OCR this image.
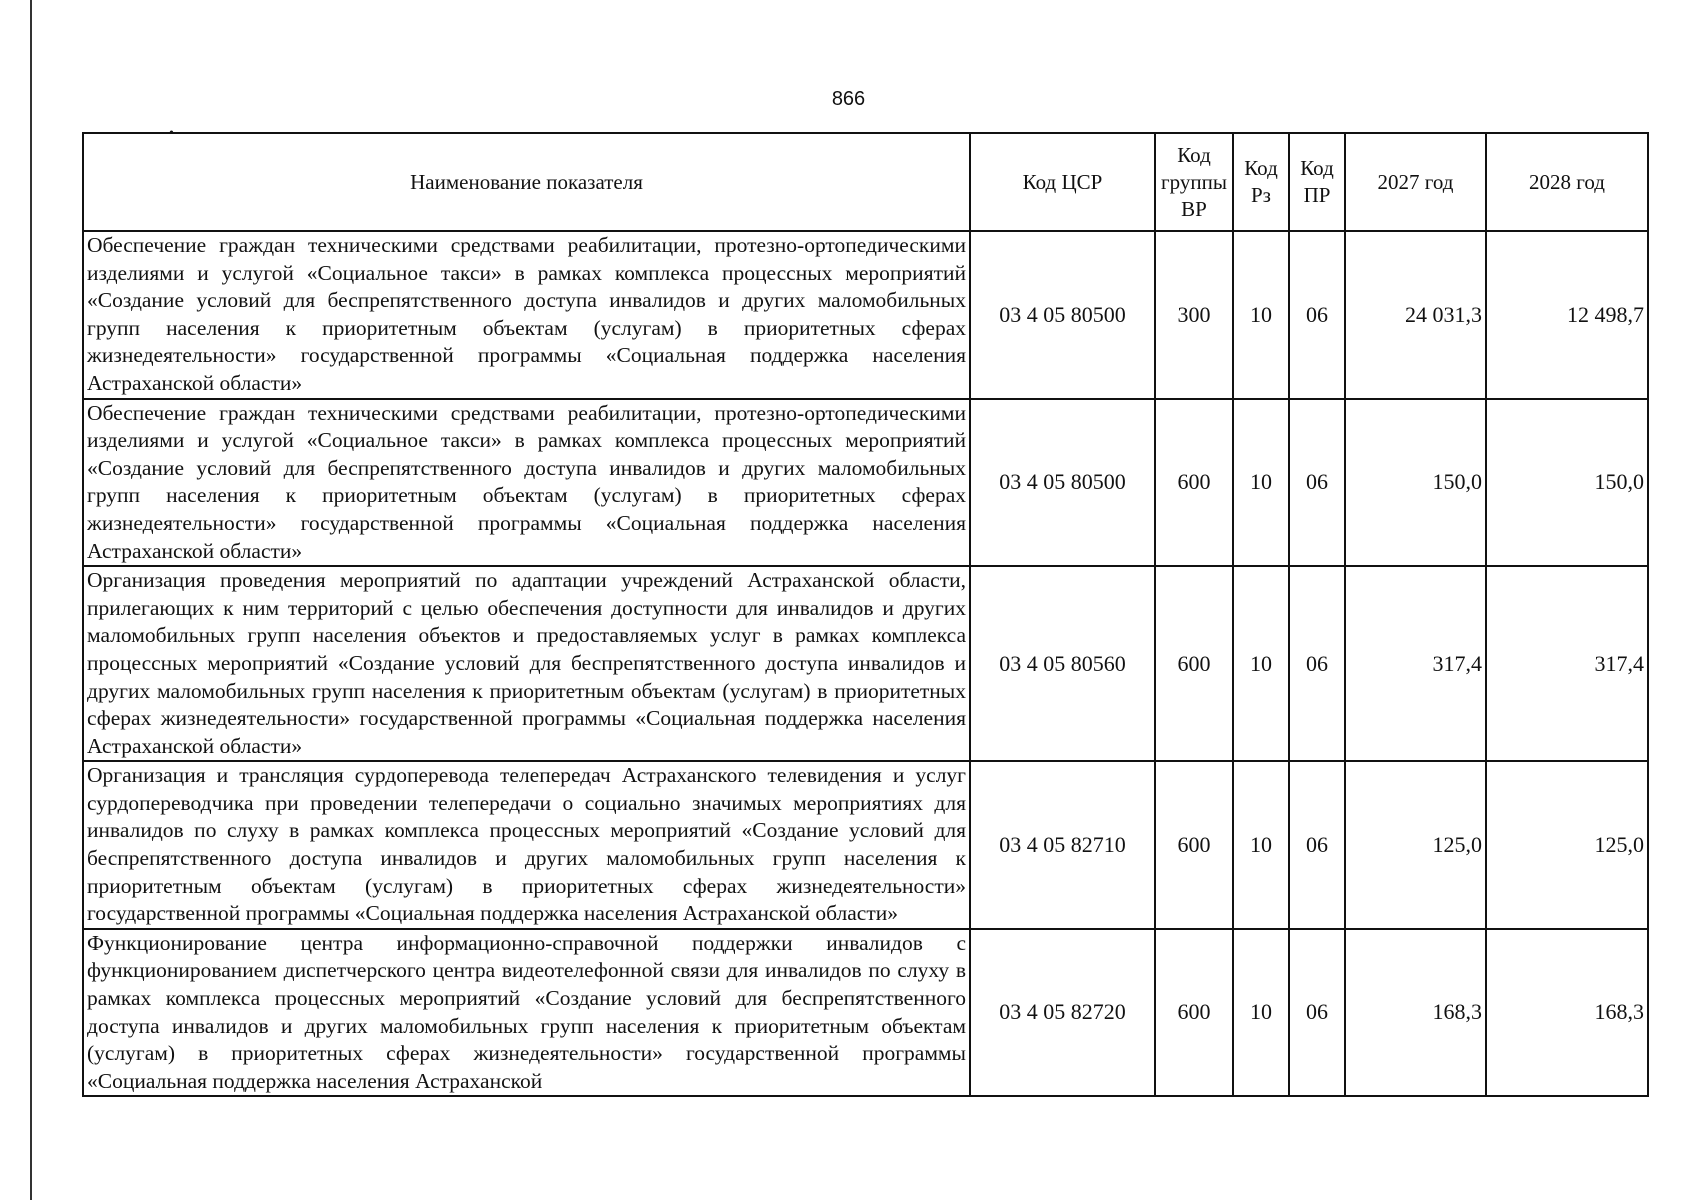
866
• Наименование показателя	Код ЦСР	Код группы ВР	Код Рз	Код ПР	2027 год	2028 год
Обеспечение граждан техническими средствами реабилитации, протезно-ортопедическими изделиями и услугой «Социальное такси» в рамках комплекса процессных мероприятий «Создание условий для беспрепятственного доступа инвалидов и других маломобильных групп населения к приоритетным объектам (услугам) в приоритетных сферах жизнедеятельности» государственной программы «Социальная поддержка населения Астраханской области»	03 4 05 80500	300	10	06	24 031,3	12 498,7
Обеспечение граждан техническими средствами реабилитации, протезно-ортопедическими изделиями и услугой «Социальное такси» в рамках комплекса процессных мероприятий «Создание условий для беспрепятственного доступа инвалидов и других маломобильных групп населения к приоритетным объектам (услугам) в приоритетных сферах жизнедеятельности» государственной программы «Социальная поддержка населения Астраханской области»	03 4 05 80500	600	10	06	150,0	150,0
Организация проведения мероприятий по адаптации учреждений Астраханской области, прилегающих к ним территорий с целью обеспечения доступности для инвалидов и других маломобильных групп населения объектов и предоставляемых услуг в рамках комплекса процессных мероприятий «Создание условий для беспрепятственного доступа инвалидов и других маломобильных групп населения к приоритетным объектам (услугам) в приоритетных сферах жизнедеятельности» государственной программы «Социальная поддержка населения Астраханской области»	03 4 05 80560	600	10	06	317,4	317,4
Организация и трансляция сурдоперевода телепередач Астраханского телевидения и услуг сурдопереводчика при проведении телепередачи о социально значимых мероприятиях для инвалидов по слуху в рамках комплекса процессных мероприятий «Создание условий для беспрепятственного доступа инвалидов и других маломобильных групп населения к приоритетным объектам (услугам) в приоритетных сферах жизнедеятельности» государственной программы «Социальная поддержка населения Астраханской области»	03 4 05 82710	600	10	06	125,0	125,0

Функционирование центра информационно-справочной поддержки инвалидов с функционированием диспетчерского центра видеотелефонной связи для инвалидов по слуху в рамках комплекса процессных мероприятий «Создание условий для беспрепятственного доступа инвалидов и других маломобильных групп населения к приоритетным объектам (услугам) в приоритетных сферах жизнедеятельности» государственной программы «Социальная поддержка населения Астраханской	03 4 05 82720	600	10	06	168,3	168,3
